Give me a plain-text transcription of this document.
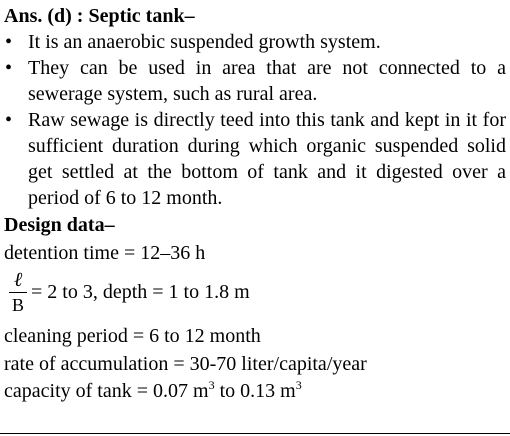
Ans. (d) : Septic tank–
• It is an anaerobic suspended growth system.
• They can be used in area that are not connected to a sewerage system, such as rural area.
• Raw sewage is directly teed into this tank and kept in it for sufficient duration during which organic suspended solid get settled at the bottom of tank and it digested over a period of 6 to 12 month.
Design data–
detention time = 12–36 h
ℓ
B
= 2 to 3, depth = 1 to 1.8 m
cleaning period = 6 to 12 month
rate of accumulation = 30-70 liter/capita/year
capacity of tank = 0.07 $m^3$ to 0.13 $m^3$
